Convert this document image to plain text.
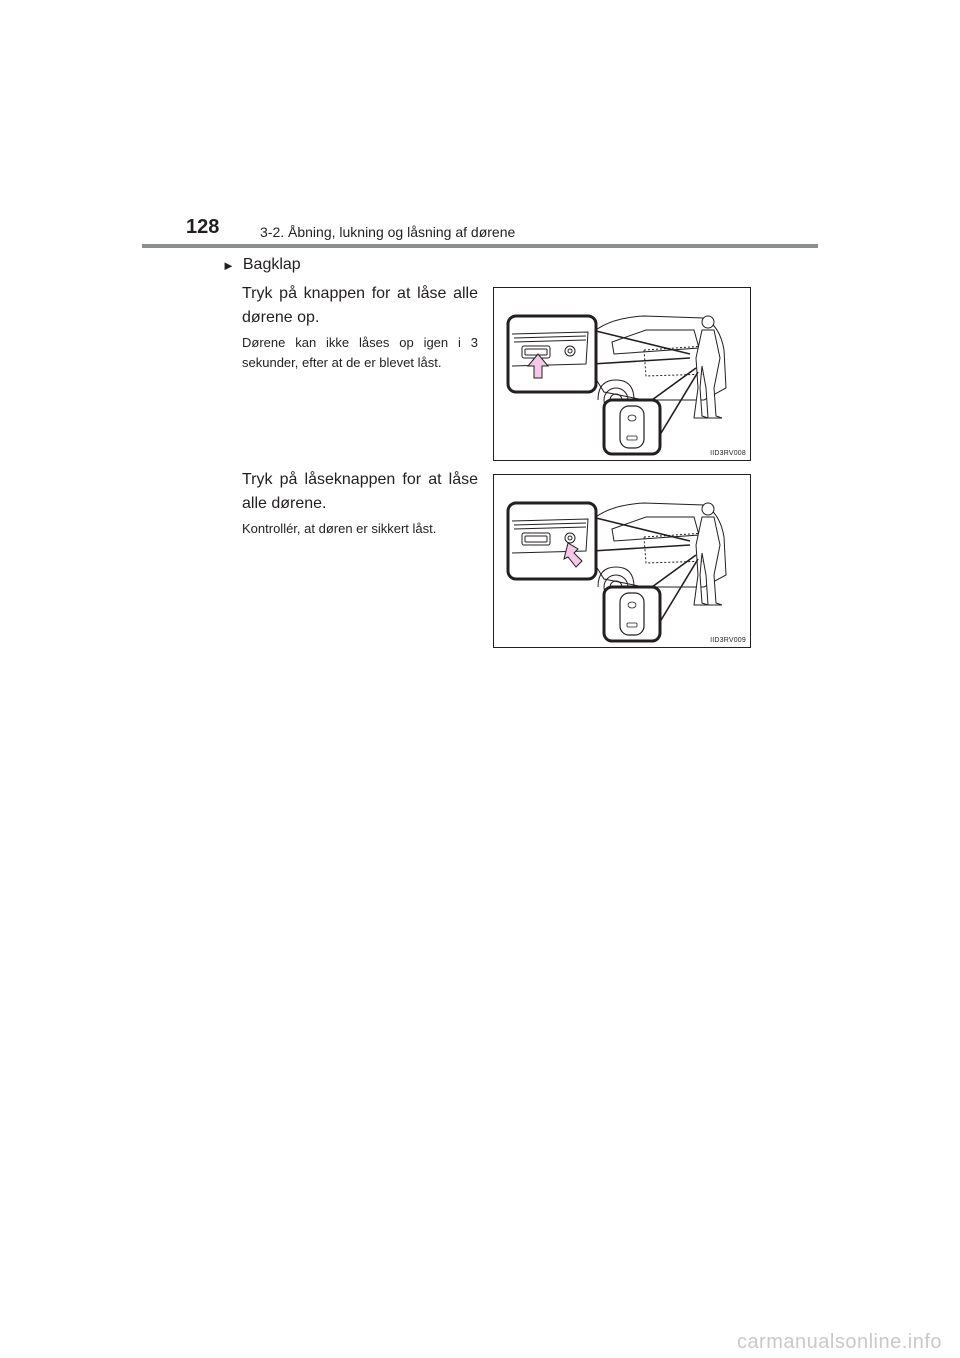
128	3-2. Åbning, lukning og låsning af dørene
► Bagklap
Tryk på knappen for at låse alle dørene op.
Dørene kan ikke låses op igen i 3 sekunder, efter at de er blevet låst.
Tryk på låseknappen for at låse alle dørene.
Kontrollér, at døren er sikkert låst.
IID3RV008
IID3RV009
carmanualsonline.info
